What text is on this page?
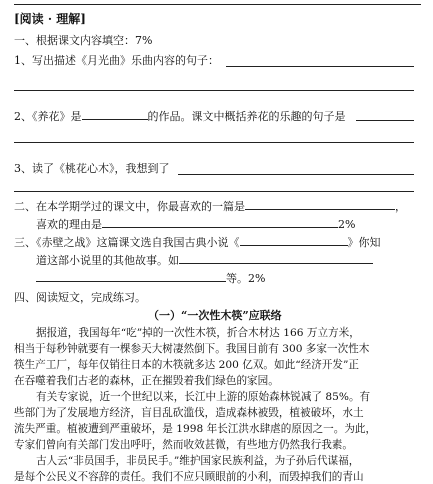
[阅读 · 理解]
一、根据课文内容填空：7%
1、写出描述《月光曲》乐曲内容的句子：
2、《养花》是	的作品。课文中概括养花的乐趣的句子是
3、读了《桃花心木》，我想到了
二、在本学期学过的课文中，你最喜欢的一篇是	，
喜欢的理由是	2%
三、《赤壁之战》这篇课文选自我国古典小说《	》你知
道这部小说里的其他故事。如
等。2%
四、阅读短文，完成练习。
（一）“一次性木筷”应联络
据报道，我国每年“吃”掉的一次性木筷，折合木材达 166 万立方米，
相当于每秒钟就要有一棵参天大树凄然倒下。我国目前有 300 多家一次性木
筷生产工厂，每年仅销往日本的木筷就多达 200 亿双。如此“经济开发”正
在吞噬着我们古老的森林，正在摧毁着我们绿色的家园。
有关专家说，近一个世纪以来，长江中上游的原始森林锐减了 85%。有
些部门为了发展地方经济，盲目乱砍滥伐，造成森林被毁，植被破坏，水土
流失严重。植被遭到严重破坏，是 1998 年长江洪水肆虐的原因之一。为此，
专家们曾向有关部门发出呼吁，然而收效甚微，有些地方仍然我行我素。
古人云“非员国手，非员民手。”维护国家民族利益，为子孙后代谋福，
是每个公民义不容辞的责任。我们不应只顾眼前的小利，而毁掉我们的青山
